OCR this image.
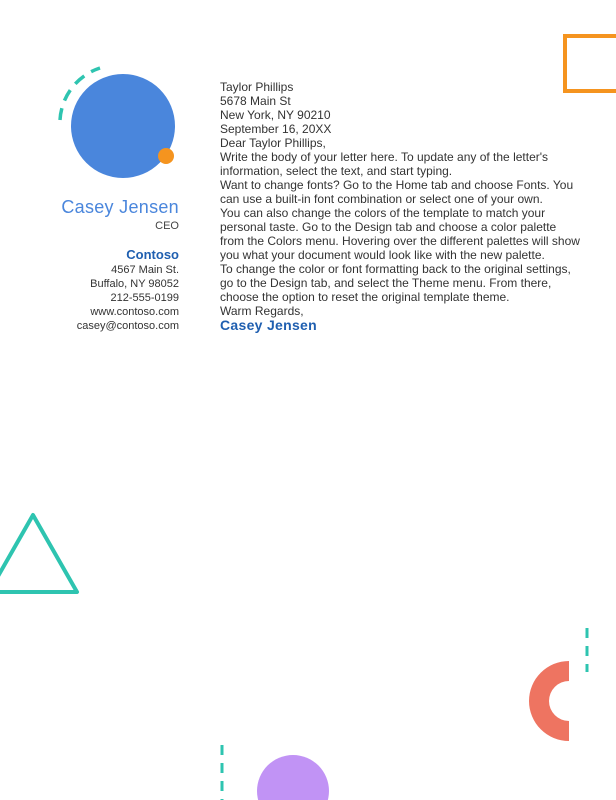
Casey Jensen
CEO
Contoso
4567 Main St.
Buffalo, NY 98052
212-555-0199
www.contoso.com
casey@contoso.com
Taylor Phillips
5678 Main St
New York, NY 90210

September 16, 20XX

Dear Taylor Phillips,

Write the body of your letter here. To update any of the letter's information, select the text, and start typing.

Want to change fonts? Go to the Home tab and choose Fonts. You can use a built-in font combination or select one of your own.

You can also change the colors of the template to match your personal taste. Go to the Design tab and choose a color palette from the Colors menu. Hovering over the different palettes will show you what your document would look like with the new palette.

To change the color or font formatting back to the original settings, go to the Design tab, and select the Theme menu. From there, choose the option to reset the original template theme.

Warm Regards,

Casey Jensen
